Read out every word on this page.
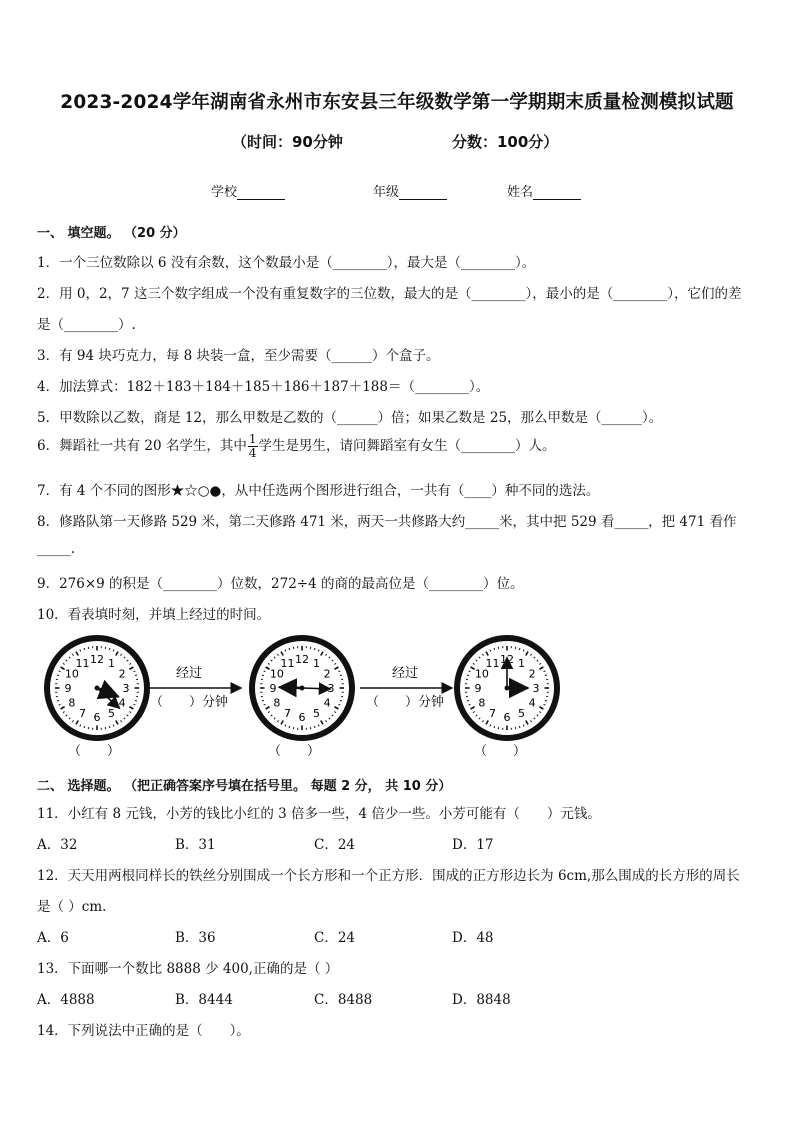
2023-2024学年湖南省永州市东安县三年级数学第一学期期末质量检测模拟试题
（时间：90分钟	分数：100分）
学校	年级	姓名
一、 填空题。 （20 分）
1．一个三位数除以 6 没有余数，这个数最小是（________），最大是（________）。
2．用 0，2，7 这三个数字组成一个没有重复数字的三位数，最大的是（________），最小的是（________），它们的差
是（________）.
3．有 94 块巧克力，每 8 块装一盒，至少需要（______）个盒子。
4．加法算式：182＋183＋184＋185＋186＋187＋188＝（________）。
5．甲数除以乙数，商是 12，那么甲数是乙数的（______）倍；如果乙数是 25，那么甲数是（______）。
6．舞蹈社一共有 20 名学生，其中 $\frac{1}{4}$ 学生是男生，请问舞蹈室有女生（________）人。
7．有 4 个不同的图形★☆○●，从中任选两个图形进行组合，一共有（____）种不同的选法。
8．修路队第一天修路 529 米，第二天修路 471 米，两天一共修路大约_____米，其中把 529 看_____，把 471 看作
_____.
9．276×9 的积是（________）位数，272÷4 的商的最高位是（________）位。
10．看表填时刻，并填上经过的时间。
12 1
2
3
4
5
6
7
8
9
10
11	12 1
2
3
4
5
6
7
8
9
10
11	12 1
2
3
4
5
6
7
8
9
10
11
经过
（　　）分钟
经过
（　　）分钟
（　　）	（　　）	（　　）
二、 选择题。 （把正确答案序号填在括号里。 每题 2 分， 共 10 分）
11．小红有 8 元钱，小芳的钱比小红的 3 倍多一些，4 倍少一些。小芳可能有（　　）元钱。
A．32	B．31	C．24	D．17
12．天天用两根同样长的铁丝分别围成一个长方形和一个正方形．围成的正方形边长为 6cm,那么围成的长方形的周长
是（ ）cm.
A．6	B．36	C．24	D．48
13．下面哪一个数比 8888 少 400,正确的是（ ）
A．4888	B．8444	C．8488	D．8848
14．下列说法中正确的是（　　）。
